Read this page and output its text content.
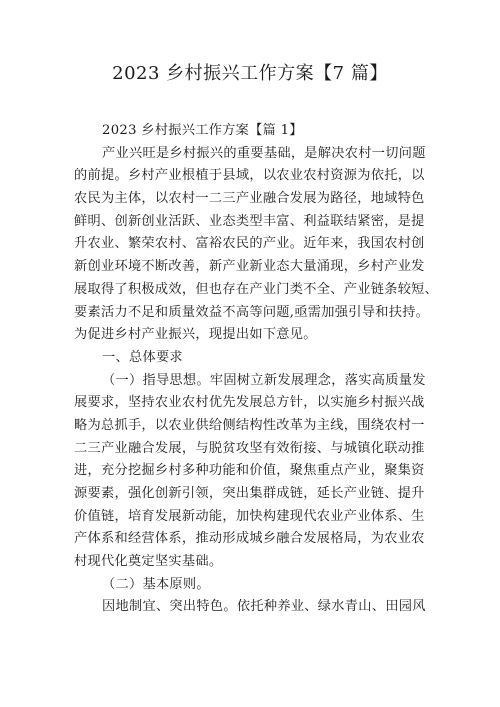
2023 乡村振兴工作方案【7 篇】
2023 乡村振兴工作方案【篇 1】
产业兴旺是乡村振兴的重要基础，是解决农村一切问题
的前提。乡村产业根植于县域，以农业农村资源为依托，以
农民为主体，以农村一二三产业融合发展为路径，地域特色
鲜明、创新创业活跃、业态类型丰富、利益联结紧密，是提
升农业、繁荣农村、富裕农民的产业。近年来，我国农村创
新创业环境不断改善，新产业新业态大量涌现，乡村产业发
展取得了积极成效，但也存在产业门类不全、产业链条较短、
要素活力不足和质量效益不高等问题,亟需加强引导和扶持。
为促进乡村产业振兴，现提出如下意见。
一、总体要求
（一）指导思想。牢固树立新发展理念，落实高质量发
展要求，坚持农业农村优先发展总方针，以实施乡村振兴战
略为总抓手，以农业供给侧结构性改革为主线，围绕农村一
二三产业融合发展，与脱贫攻坚有效衔接、与城镇化联动推
进，充分挖掘乡村多种功能和价值，聚焦重点产业，聚集资
源要素，强化创新引领，突出集群成链，延长产业链、提升
价值链，培育发展新动能，加快构建现代农业产业体系、生
产体系和经营体系，推动形成城乡融合发展格局，为农业农
村现代化奠定坚实基础。
（二）基本原则。
因地制宜、突出特色。依托种养业、绿水青山、田园风
